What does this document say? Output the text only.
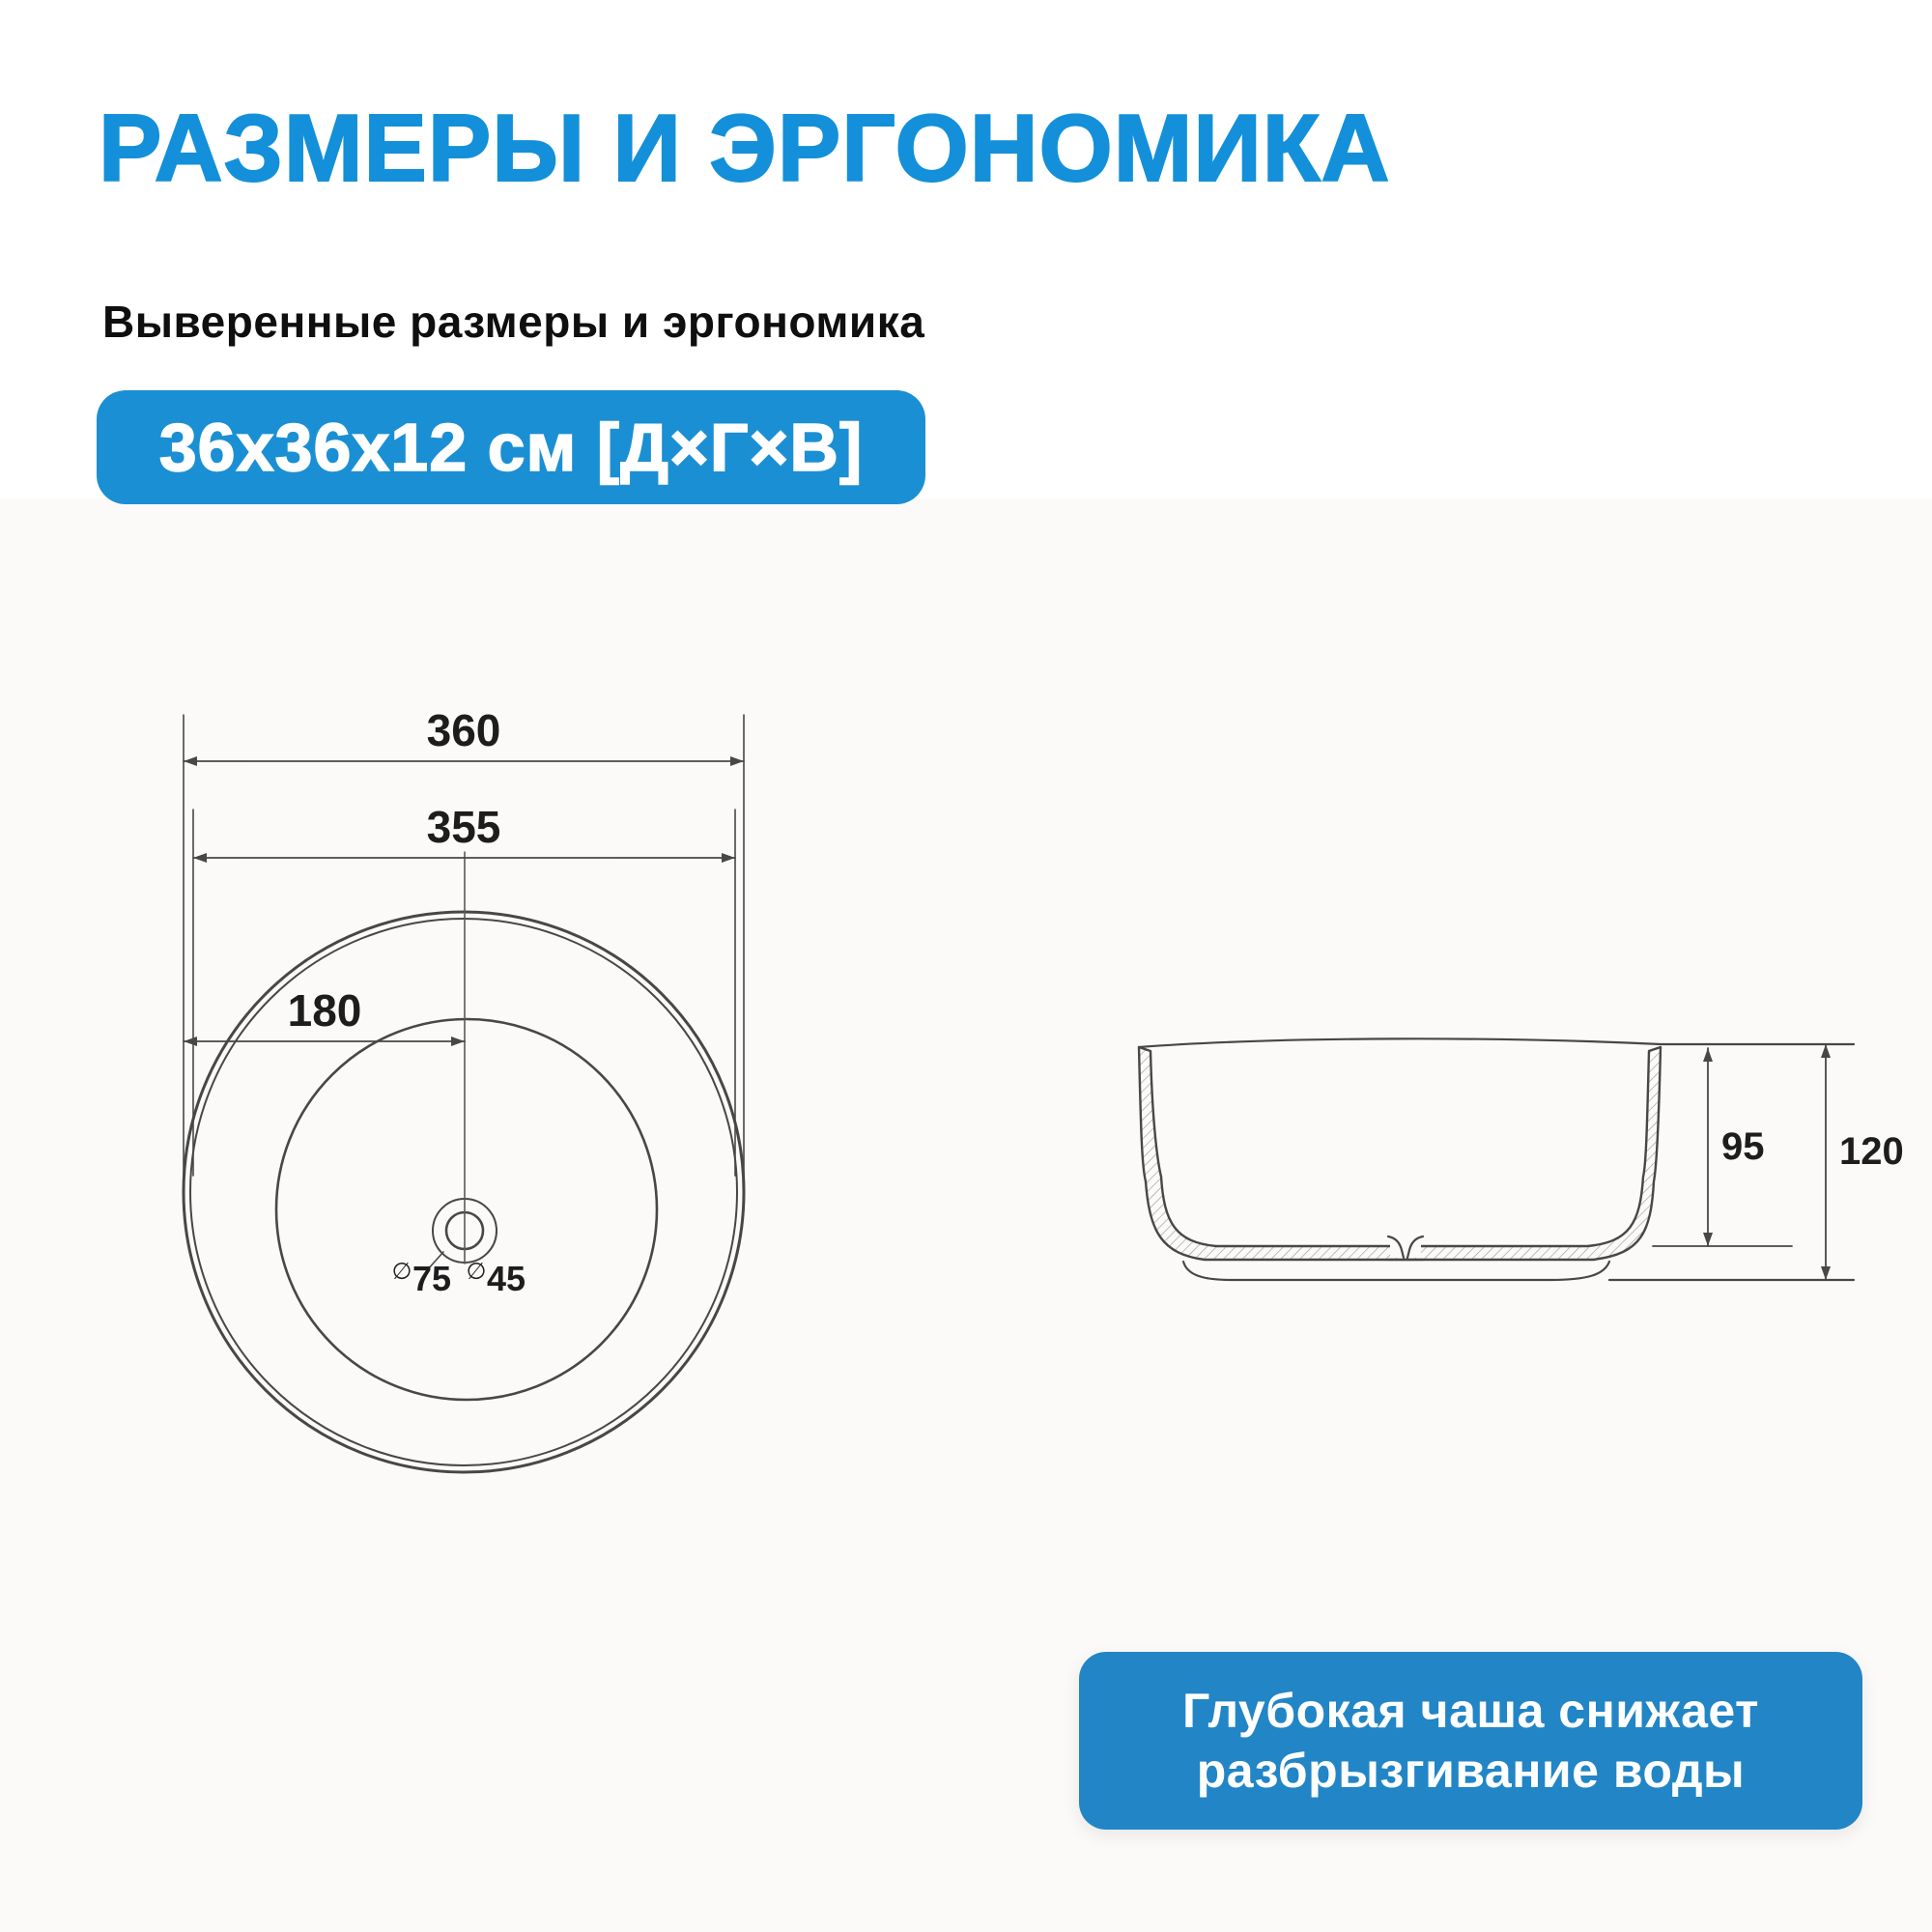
РАЗМЕРЫ И ЭРГОНОМИКА

Выверенные размеры и эргономика

36x36x12 см [Д×Г×В]
360
355
180
∅ 75 ∅ 45
95 120
Глубокая чаша снижает
разбрызгивание воды
